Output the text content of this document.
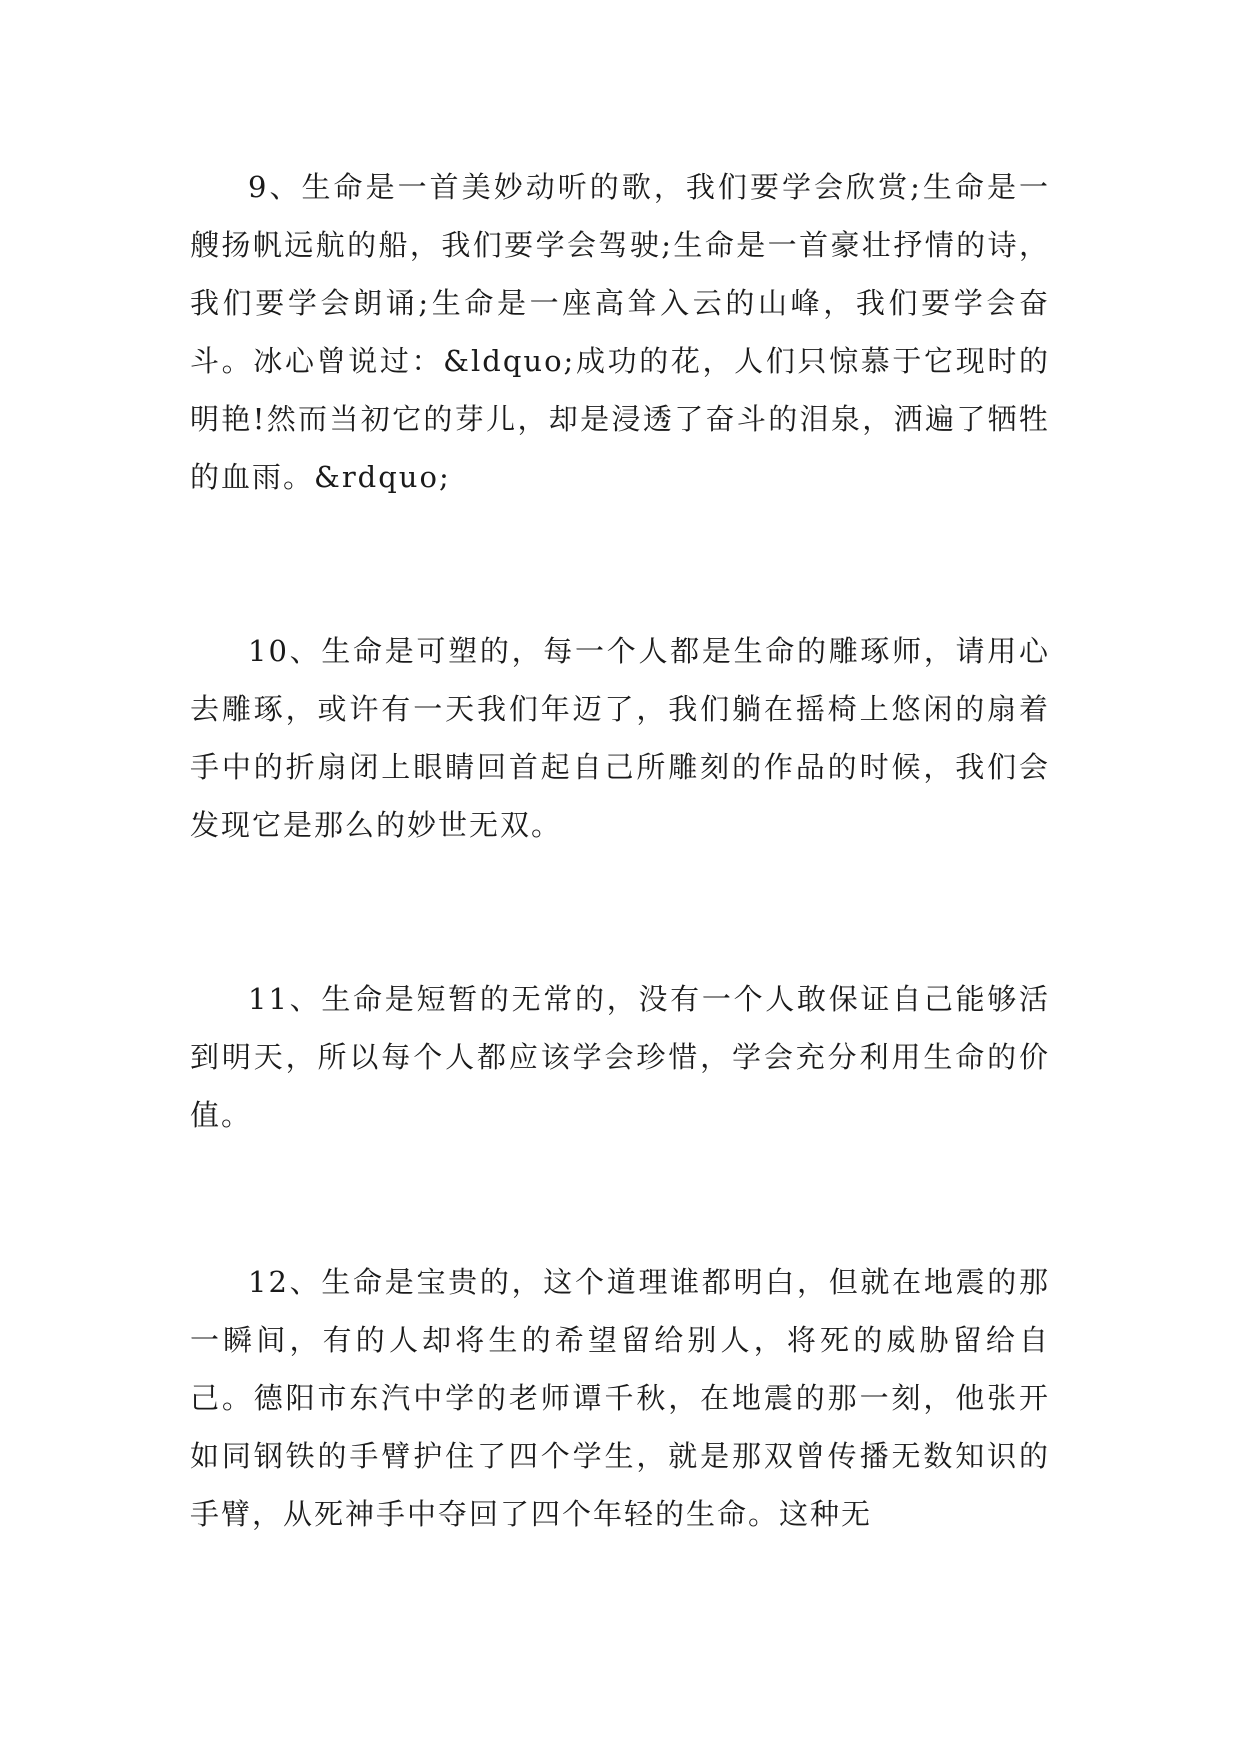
9、生命是一首美妙动听的歌，我们要学会欣赏;生命是一艘扬帆远航的船，我们要学会驾驶;生命是一首豪壮抒情的诗，我们要学会朗诵;生命是一座高耸入云的山峰，我们要学会奋斗。冰心曾说过：&ldquo;成功的花，人们只惊慕于它现时的明艳!然而当初它的芽儿，却是浸透了奋斗的泪泉，洒遍了牺牲的血雨。&rdquo;

10、生命是可塑的，每一个人都是生命的雕琢师，请用心去雕琢，或许有一天我们年迈了，我们躺在摇椅上悠闲的扇着手中的折扇闭上眼睛回首起自己所雕刻的作品的时候，我们会发现它是那么的妙世无双。

11、生命是短暂的无常的，没有一个人敢保证自己能够活到明天，所以每个人都应该学会珍惜，学会充分利用生命的价值。

12、生命是宝贵的，这个道理谁都明白，但就在地震的那一瞬间，有的人却将生的希望留给别人，将死的威胁留给自己。德阳市东汽中学的老师谭千秋，在地震的那一刻，他张开如同钢铁的手臂护住了四个学生，就是那双曾传播无数知识的手臂，从死神手中夺回了四个年轻的生命。这种无
